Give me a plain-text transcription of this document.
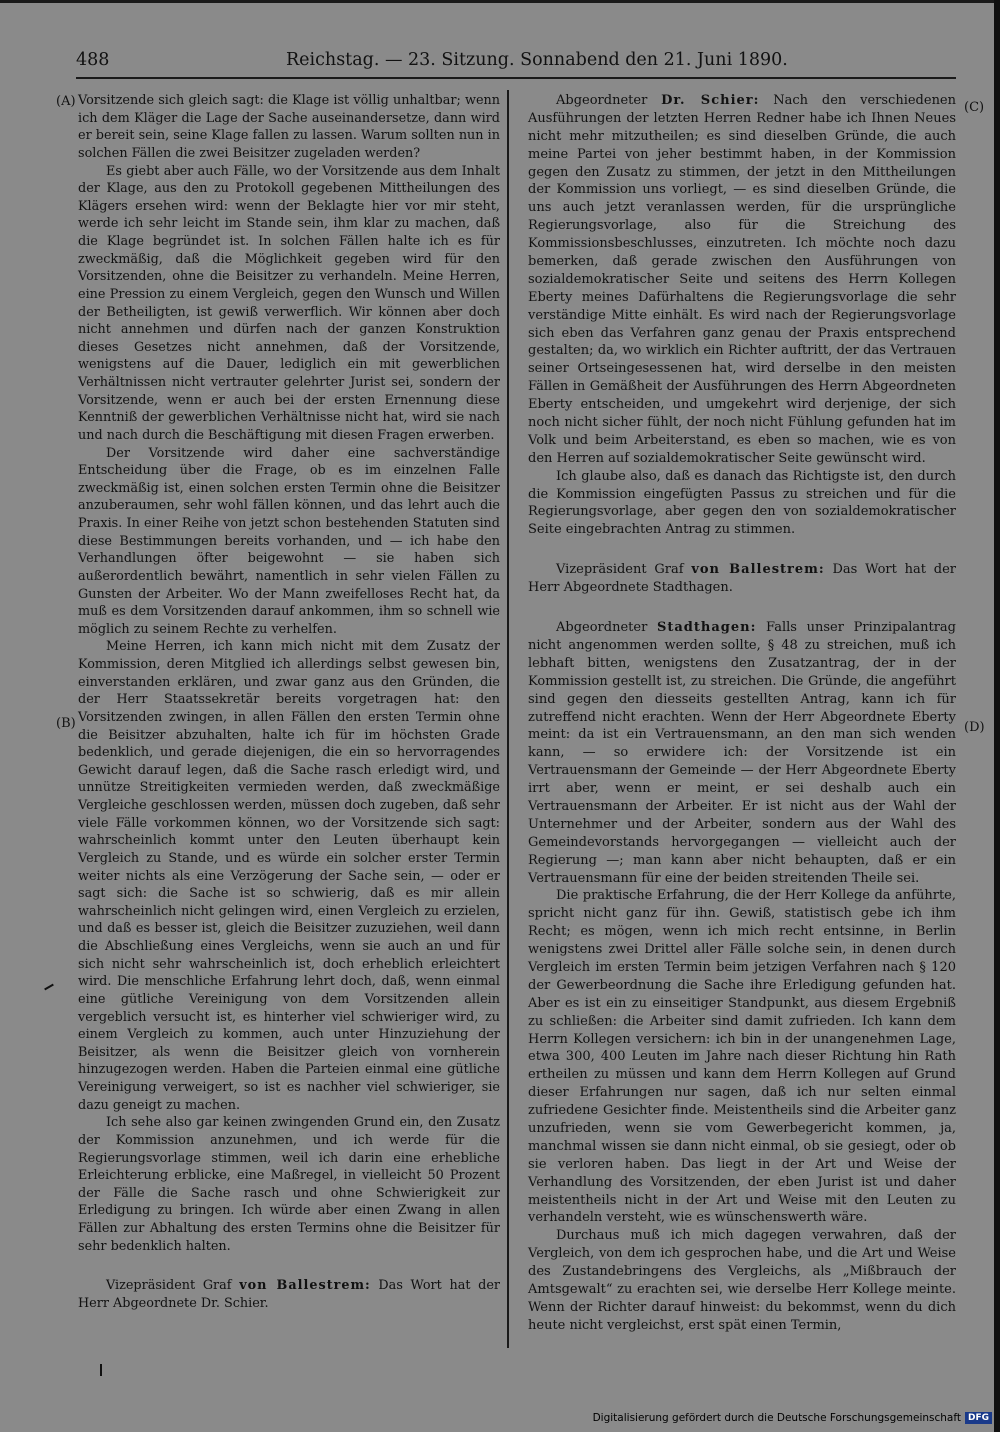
488	Reichstag. — 23. Sitzung. Sonnabend den 21. Juni 1890.
(A)
(B)
(C)
(D)

Vorsitzende sich gleich sagt: die Klage ist völlig unhaltbar; wenn ich dem Kläger die Lage der Sache auseinandersetze, dann wird er bereit sein, seine Klage fallen zu lassen. Warum sollten nun in solchen Fällen die zwei Beisitzer zugeladen werden?

Es giebt aber auch Fälle, wo der Vorsitzende aus dem Inhalt der Klage, aus den zu Protokoll gegebenen Mittheilungen des Klägers ersehen wird: wenn der Beklagte hier vor mir steht, werde ich sehr leicht im Stande sein, ihm klar zu machen, daß die Klage begründet ist. In solchen Fällen halte ich es für zweckmäßig, daß die Möglichkeit gegeben wird für den Vorsitzenden, ohne die Beisitzer zu verhandeln. Meine Herren, eine Pression zu einem Vergleich, gegen den Wunsch und Willen der Betheiligten, ist gewiß verwerflich. Wir können aber doch nicht annehmen und dürfen nach der ganzen Konstruktion dieses Gesetzes nicht annehmen, daß der Vorsitzende, wenigstens auf die Dauer, lediglich ein mit gewerblichen Verhältnissen nicht vertrauter gelehrter Jurist sei, sondern der Vorsitzende, wenn er auch bei der ersten Ernennung diese Kenntniß der gewerblichen Verhältnisse nicht hat, wird sie nach und nach durch die Beschäftigung mit diesen Fragen erwerben.

Der Vorsitzende wird daher eine sachverständige Entscheidung über die Frage, ob es im einzelnen Falle zweckmäßig ist, einen solchen ersten Termin ohne die Beisitzer anzuberaumen, sehr wohl fällen können, und das lehrt auch die Praxis. In einer Reihe von jetzt schon bestehenden Statuten sind diese Bestimmungen bereits vorhanden, und — ich habe den Verhandlungen öfter beigewohnt — sie haben sich außerordentlich bewährt, namentlich in sehr vielen Fällen zu Gunsten der Arbeiter. Wo der Mann zweifelloses Recht hat, da muß es dem Vorsitzenden darauf ankommen, ihm so schnell wie möglich zu seinem Rechte zu verhelfen.

Meine Herren, ich kann mich nicht mit dem Zusatz der Kommission, deren Mitglied ich allerdings selbst gewesen bin, einverstanden erklären, und zwar ganz aus den Gründen, die der Herr Staatssekretär bereits vorgetragen hat: den Vorsitzenden zwingen, in allen Fällen den ersten Termin ohne die Beisitzer abzuhalten, halte ich für im höchsten Grade bedenklich, und gerade diejenigen, die ein so hervorragendes Gewicht darauf legen, daß die Sache rasch erledigt wird, und unnütze Streitigkeiten vermieden werden, daß zweckmäßige Vergleiche geschlossen werden, müssen doch zugeben, daß sehr viele Fälle vorkommen können, wo der Vorsitzende sich sagt: wahrscheinlich kommt unter den Leuten überhaupt kein Vergleich zu Stande, und es würde ein solcher erster Termin weiter nichts als eine Verzögerung der Sache sein, — oder er sagt sich: die Sache ist so schwierig, daß es mir allein wahrscheinlich nicht gelingen wird, einen Vergleich zu erzielen, und daß es besser ist, gleich die Beisitzer zuzuziehen, weil dann die Abschließung eines Vergleichs, wenn sie auch an und für sich nicht sehr wahrscheinlich ist, doch erheblich erleichtert wird. Die menschliche Erfahrung lehrt doch, daß, wenn einmal eine gütliche Vereinigung von dem Vorsitzenden allein vergeblich versucht ist, es hinterher viel schwieriger wird, zu einem Vergleich zu kommen, auch unter Hinzuziehung der Beisitzer, als wenn die Beisitzer gleich von vornherein hinzugezogen werden. Haben die Parteien einmal eine gütliche Vereinigung verweigert, so ist es nachher viel schwieriger, sie dazu geneigt zu machen.

Ich sehe also gar keinen zwingenden Grund ein, den Zusatz der Kommission anzunehmen, und ich werde für die Regierungsvorlage stimmen, weil ich darin eine erhebliche Erleichterung erblicke, eine Maßregel, in vielleicht 50 Prozent der Fälle die Sache rasch und ohne Schwierigkeit zur Erledigung zu bringen. Ich würde aber einen Zwang in allen Fällen zur Abhaltung des ersten Termins ohne die Beisitzer für sehr bedenklich halten.

Vizepräsident Graf von Ballestrem: Das Wort hat der Herr Abgeordnete Dr. Schier.

Abgeordneter Dr. Schier: Nach den verschiedenen Ausführungen der letzten Herren Redner habe ich Ihnen Neues nicht mehr mitzutheilen; es sind dieselben Gründe, die auch meine Partei von jeher bestimmt haben, in der Kommission gegen den Zusatz zu stimmen, der jetzt in den Mittheilungen der Kommission uns vorliegt, — es sind dieselben Gründe, die uns auch jetzt veranlassen werden, für die ursprüngliche Regierungsvorlage, also für die Streichung des Kommissionsbeschlusses, einzutreten. Ich möchte noch dazu bemerken, daß gerade zwischen den Ausführungen von sozialdemokratischer Seite und seitens des Herrn Kollegen Eberty meines Dafürhaltens die Regierungsvorlage die sehr verständige Mitte einhält. Es wird nach der Regierungsvorlage sich eben das Verfahren ganz genau der Praxis entsprechend gestalten; da, wo wirklich ein Richter auftritt, der das Vertrauen seiner Ortseingesessenen hat, wird derselbe in den meisten Fällen in Gemäßheit der Ausführungen des Herrn Abgeordneten Eberty entscheiden, und umgekehrt wird derjenige, der sich noch nicht sicher fühlt, der noch nicht Fühlung gefunden hat im Volk und beim Arbeiterstand, es eben so machen, wie es von den Herren auf sozialdemokratischer Seite gewünscht wird.

Ich glaube also, daß es danach das Richtigste ist, den durch die Kommission eingefügten Passus zu streichen und für die Regierungsvorlage, aber gegen den von sozialdemokratischer Seite eingebrachten Antrag zu stimmen.

Vizepräsident Graf von Ballestrem: Das Wort hat der Herr Abgeordnete Stadthagen.

Abgeordneter Stadthagen: Falls unser Prinzipalantrag nicht angenommen werden sollte, § 48 zu streichen, muß ich lebhaft bitten, wenigstens den Zusatzantrag, der in der Kommission gestellt ist, zu streichen. Die Gründe, die angeführt sind gegen den diesseits gestellten Antrag, kann ich für zutreffend nicht erachten. Wenn der Herr Abgeordnete Eberty meint: da ist ein Vertrauensmann, an den man sich wenden kann, — so erwidere ich: der Vorsitzende ist ein Vertrauensmann der Gemeinde — der Herr Abgeordnete Eberty irrt aber, wenn er meint, er sei deshalb auch ein Vertrauensmann der Arbeiter. Er ist nicht aus der Wahl der Unternehmer und der Arbeiter, sondern aus der Wahl des Gemeindevorstands hervorgegangen — vielleicht auch der Regierung —; man kann aber nicht behaupten, daß er ein Vertrauensmann für eine der beiden streitenden Theile sei.

Die praktische Erfahrung, die der Herr Kollege da anführte, spricht nicht ganz für ihn. Gewiß, statistisch gebe ich ihm Recht; es mögen, wenn ich mich recht entsinne, in Berlin wenigstens zwei Drittel aller Fälle solche sein, in denen durch Vergleich im ersten Termin beim jetzigen Verfahren nach § 120 der Gewerbeordnung die Sache ihre Erledigung gefunden hat. Aber es ist ein zu einseitiger Standpunkt, aus diesem Ergebniß zu schließen: die Arbeiter sind damit zufrieden. Ich kann dem Herrn Kollegen versichern: ich bin in der unangenehmen Lage, etwa 300, 400 Leuten im Jahre nach dieser Richtung hin Rath ertheilen zu müssen und kann dem Herrn Kollegen auf Grund dieser Erfahrungen nur sagen, daß ich nur selten einmal zufriedene Gesichter finde. Meistentheils sind die Arbeiter ganz unzufrieden, wenn sie vom Gewerbegericht kommen, ja, manchmal wissen sie dann nicht einmal, ob sie gesiegt, oder ob sie verloren haben. Das liegt in der Art und Weise der Verhandlung des Vorsitzenden, der eben Jurist ist und daher meistentheils nicht in der Art und Weise mit den Leuten zu verhandeln versteht, wie es wünschenswerth wäre.

Durchaus muß ich mich dagegen verwahren, daß der Vergleich, von dem ich gesprochen habe, und die Art und Weise des Zustandebringens des Vergleichs, als „Mißbrauch der Amtsgewalt“ zu erachten sei, wie derselbe Herr Kollege meinte. Wenn der Richter darauf hinweist: du bekommst, wenn du dich heute nicht vergleichst, erst spät einen Termin,

Digitalisierung gefördert durch die Deutsche Forschungsgemeinschaft DFG
